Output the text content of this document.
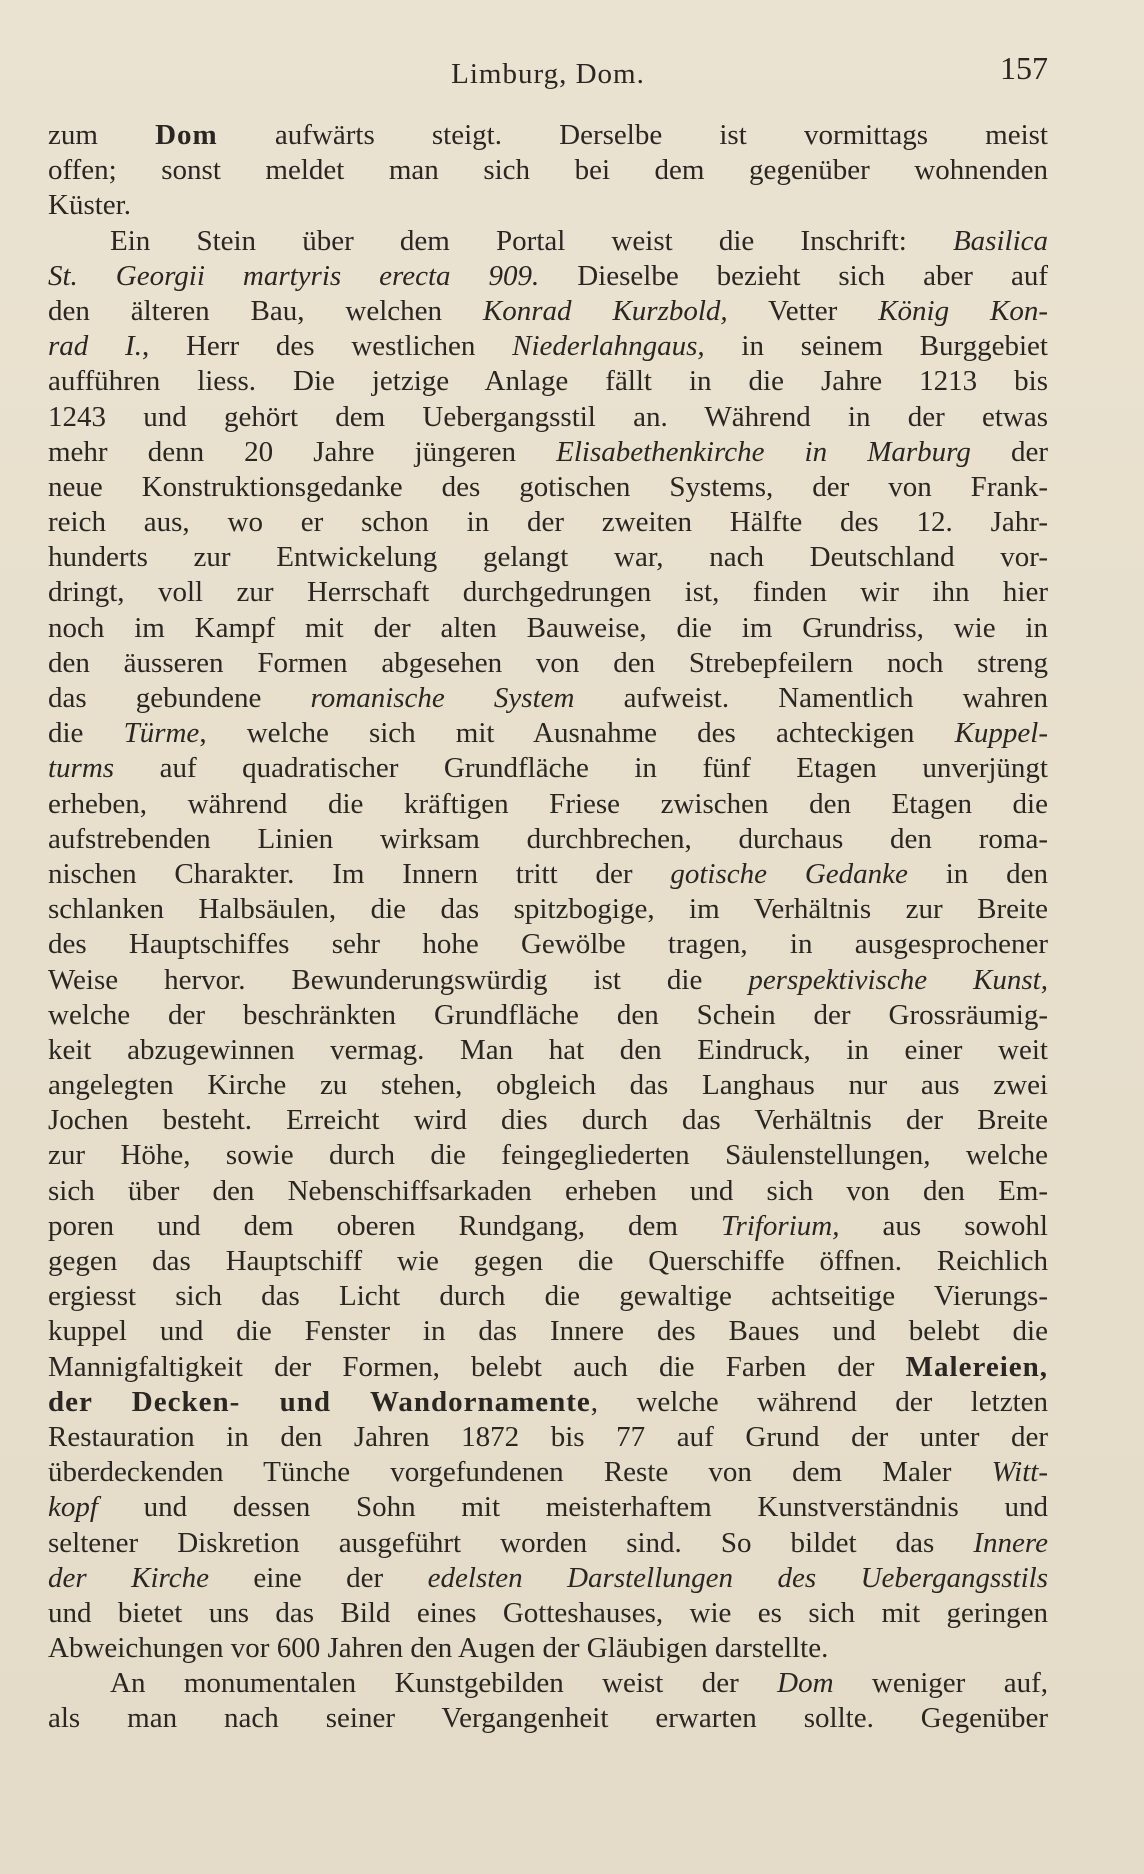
Limburg, Dom.	157
zum Dom aufwärts steigt. Derselbe ist vormittags meist
offen; sonst meldet man sich bei dem gegenüber wohnenden
Küster.
Ein Stein über dem Portal weist die Inschrift: Basilica
St. Georgii martyris erecta 909. Dieselbe bezieht sich aber auf
den älteren Bau, welchen Konrad Kurzbold, Vetter König Kon-
rad I., Herr des westlichen Niederlahngaus, in seinem Burggebiet
aufführen liess. Die jetzige Anlage fällt in die Jahre 1213 bis
1243 und gehört dem Uebergangsstil an. Während in der etwas
mehr denn 20 Jahre jüngeren Elisabethenkirche in Marburg der
neue Konstruktionsgedanke des gotischen Systems, der von Frank-
reich aus, wo er schon in der zweiten Hälfte des 12. Jahr-
hunderts zur Entwickelung gelangt war, nach Deutschland vor-
dringt, voll zur Herrschaft durchgedrungen ist, finden wir ihn hier
noch im Kampf mit der alten Bauweise, die im Grundriss, wie in
den äusseren Formen abgesehen von den Strebepfeilern noch streng
das gebundene romanische System aufweist. Namentlich wahren
die Türme, welche sich mit Ausnahme des achteckigen Kuppel-
turms auf quadratischer Grundfläche in fünf Etagen unverjüngt
erheben, während die kräftigen Friese zwischen den Etagen die
aufstrebenden Linien wirksam durchbrechen, durchaus den roma-
nischen Charakter. Im Innern tritt der gotische Gedanke in den
schlanken Halbsäulen, die das spitzbogige, im Verhältnis zur Breite
des Hauptschiffes sehr hohe Gewölbe tragen, in ausgesprochener
Weise hervor. Bewunderungswürdig ist die perspektivische Kunst,
welche der beschränkten Grundfläche den Schein der Grossräumig-
keit abzugewinnen vermag. Man hat den Eindruck, in einer weit
angelegten Kirche zu stehen, obgleich das Langhaus nur aus zwei
Jochen besteht. Erreicht wird dies durch das Verhältnis der Breite
zur Höhe, sowie durch die feingegliederten Säulenstellungen, welche
sich über den Nebenschiffsarkaden erheben und sich von den Em-
poren und dem oberen Rundgang, dem Triforium, aus sowohl
gegen das Hauptschiff wie gegen die Querschiffe öffnen. Reichlich
ergiesst sich das Licht durch die gewaltige achtseitige Vierungs-
kuppel und die Fenster in das Innere des Baues und belebt die
Mannigfaltigkeit der Formen, belebt auch die Farben der Malereien,
der Decken- und Wandornamente, welche während der letzten
Restauration in den Jahren 1872 bis 77 auf Grund der unter der
überdeckenden Tünche vorgefundenen Reste von dem Maler Witt-
kopf und dessen Sohn mit meisterhaftem Kunstverständnis und
seltener Diskretion ausgeführt worden sind. So bildet das Innere
der Kirche eine der edelsten Darstellungen des Uebergangsstils
und bietet uns das Bild eines Gotteshauses, wie es sich mit geringen
Abweichungen vor 600 Jahren den Augen der Gläubigen darstellte.
An monumentalen Kunstgebilden weist der Dom weniger auf,
als man nach seiner Vergangenheit erwarten sollte. Gegenüber
